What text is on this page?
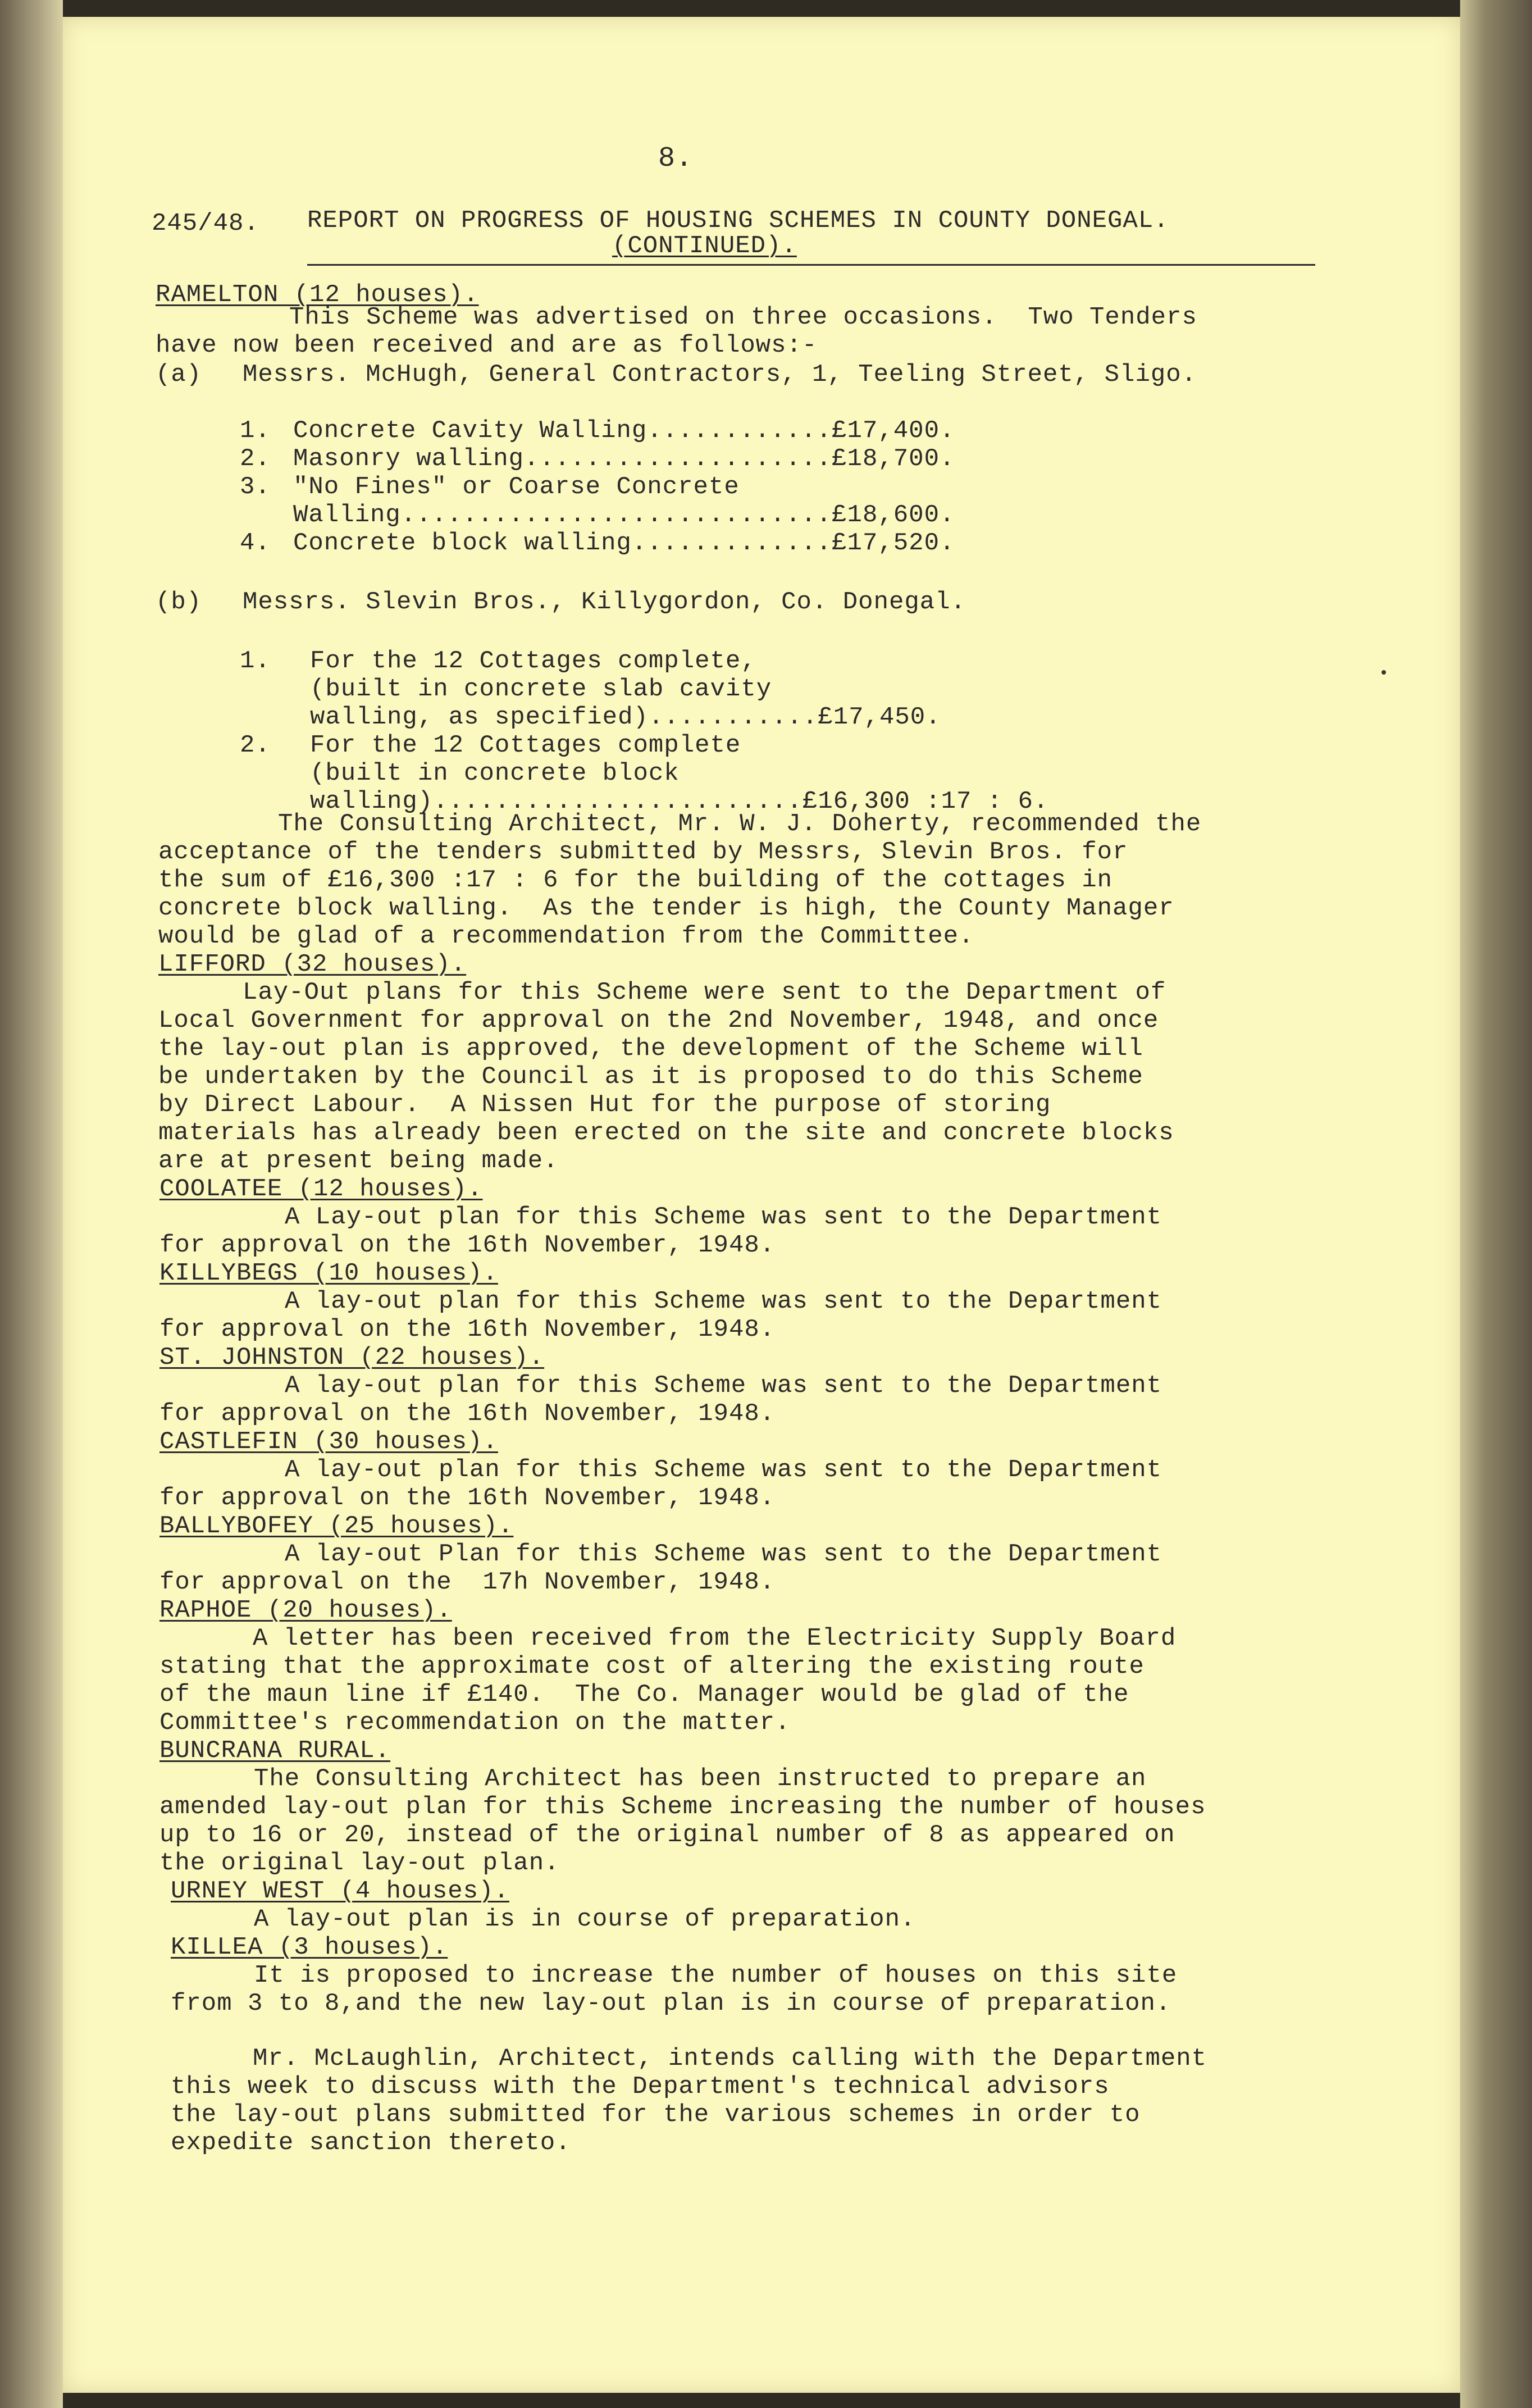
8.
245/48. REPORT ON PROGRESS OF HOUSING SCHEMES IN COUNTY DONEGAL.
(CONTINUED).
RAMELTON (12 houses).
This Scheme was advertised on three occasions.  Two Tenders
have now been received and are as follows:-
(a) Messrs. McHugh, General Contractors, 1, Teeling Street, Sligo.
1. Concrete Cavity Walling............£17,400.
2. Masonry walling....................£18,700.
3. "No Fines" or Coarse Concrete
Walling............................£18,600.
4. Concrete block walling.............£17,520.
(b) Messrs. Slevin Bros., Killygordon, Co. Donegal.
1. For the 12 Cottages complete,
(built in concrete slab cavity
walling, as specified)...........£17,450.
2. For the 12 Cottages complete
(built in concrete block
walling)........................£16,300 :17 : 6.
The Consulting Architect, Mr. W. J. Doherty, recommended the
acceptance of the tenders submitted by Messrs, Slevin Bros. for
the sum of £16,300 :17 : 6 for the building of the cottages in
concrete block walling.  As the tender is high, the County Manager
would be glad of a recommendation from the Committee.
LIFFORD (32 houses).
Lay-Out plans for this Scheme were sent to the Department of
Local Government for approval on the 2nd November, 1948, and once
the lay-out plan is approved, the development of the Scheme will
be undertaken by the Council as it is proposed to do this Scheme
by Direct Labour.  A Nissen Hut for the purpose of storing
materials has already been erected on the site and concrete blocks
are at present being made.
COOLATEE (12 houses).
A Lay-out plan for this Scheme was sent to the Department
for approval on the 16th November, 1948.
KILLYBEGS (10 houses).
A lay-out plan for this Scheme was sent to the Department
for approval on the 16th November, 1948.
ST. JOHNSTON (22 houses).
A lay-out plan for this Scheme was sent to the Department
for approval on the 16th November, 1948.
CASTLEFIN (30 houses).
A lay-out plan for this Scheme was sent to the Department
for approval on the 16th November, 1948.
BALLYBOFEY (25 houses).
A lay-out Plan for this Scheme was sent to the Department
for approval on the  17h November, 1948.
RAPHOE (20 houses).
A letter has been received from the Electricity Supply Board
stating that the approximate cost of altering the existing route
of the maun line if £140.  The Co. Manager would be glad of the
Committee's recommendation on the matter.
BUNCRANA RURAL.
The Consulting Architect has been instructed to prepare an
amended lay-out plan for this Scheme increasing the number of houses
up to 16 or 20, instead of the original number of 8 as appeared on
the original lay-out plan.
URNEY WEST (4 houses).
A lay-out plan is in course of preparation.
KILLEA (3 houses).
It is proposed to increase the number of houses on this site
from 3 to 8,and the new lay-out plan is in course of preparation.
Mr. McLaughlin, Architect, intends calling with the Department
this week to discuss with the Department's technical advisors
the lay-out plans submitted for the various schemes in order to
expedite sanction thereto.
